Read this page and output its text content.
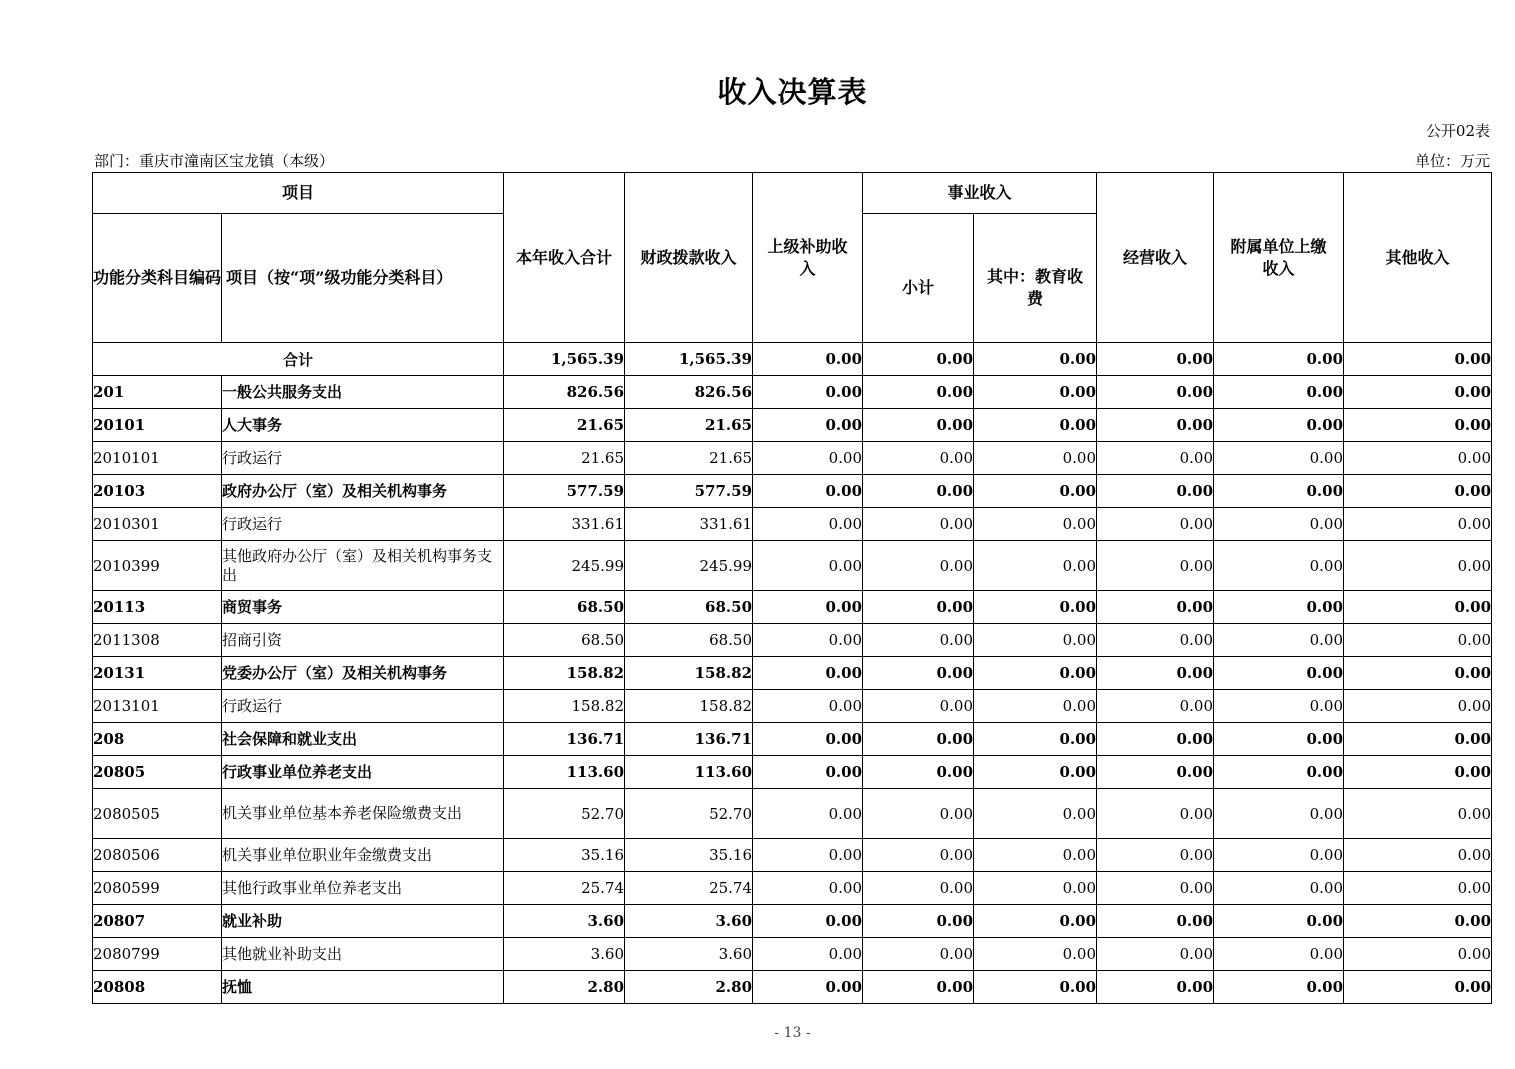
收入决算表
公开02表
部门：重庆市潼南区宝龙镇（本级）	单位：万元
项目		本年收入合计	财政拨款收入	上级补助收入	事业收入		经营收入	附属单位上缴收入	其他收入
功能分类科目编码	项目（按“项”级功能分类科目）				小计	其中：教育收费			
合计		1,565.39	1,565.39	0.00	0.00	0.00	0.00	0.00	0.00
201	一般公共服务支出	826.56	826.56	0.00	0.00	0.00	0.00	0.00	0.00
20101	人大事务	21.65	21.65	0.00	0.00	0.00	0.00	0.00	0.00
2010101	行政运行	21.65	21.65	0.00	0.00	0.00	0.00	0.00	0.00
20103	政府办公厅（室）及相关机构事务	577.59	577.59	0.00	0.00	0.00	0.00	0.00	0.00
2010301	行政运行	331.61	331.61	0.00	0.00	0.00	0.00	0.00	0.00
2010399	其他政府办公厅（室）及相关机构事务支出	245.99	245.99	0.00	0.00	0.00	0.00	0.00	0.00
20113	商贸事务	68.50	68.50	0.00	0.00	0.00	0.00	0.00	0.00
2011308	招商引资	68.50	68.50	0.00	0.00	0.00	0.00	0.00	0.00
20131	党委办公厅（室）及相关机构事务	158.82	158.82	0.00	0.00	0.00	0.00	0.00	0.00
2013101	行政运行	158.82	158.82	0.00	0.00	0.00	0.00	0.00	0.00
208	社会保障和就业支出	136.71	136.71	0.00	0.00	0.00	0.00	0.00	0.00
20805	行政事业单位养老支出	113.60	113.60	0.00	0.00	0.00	0.00	0.00	0.00
2080505	机关事业单位基本养老保险缴费支出	52.70	52.70	0.00	0.00	0.00	0.00	0.00	0.00
2080506	机关事业单位职业年金缴费支出	35.16	35.16	0.00	0.00	0.00	0.00	0.00	0.00
2080599	其他行政事业单位养老支出	25.74	25.74	0.00	0.00	0.00	0.00	0.00	0.00
20807	就业补助	3.60	3.60	0.00	0.00	0.00	0.00	0.00	0.00
2080799	其他就业补助支出	3.60	3.60	0.00	0.00	0.00	0.00	0.00	0.00
20808	抚恤	2.80	2.80	0.00	0.00	0.00	0.00	0.00	0.00
- 13 -
